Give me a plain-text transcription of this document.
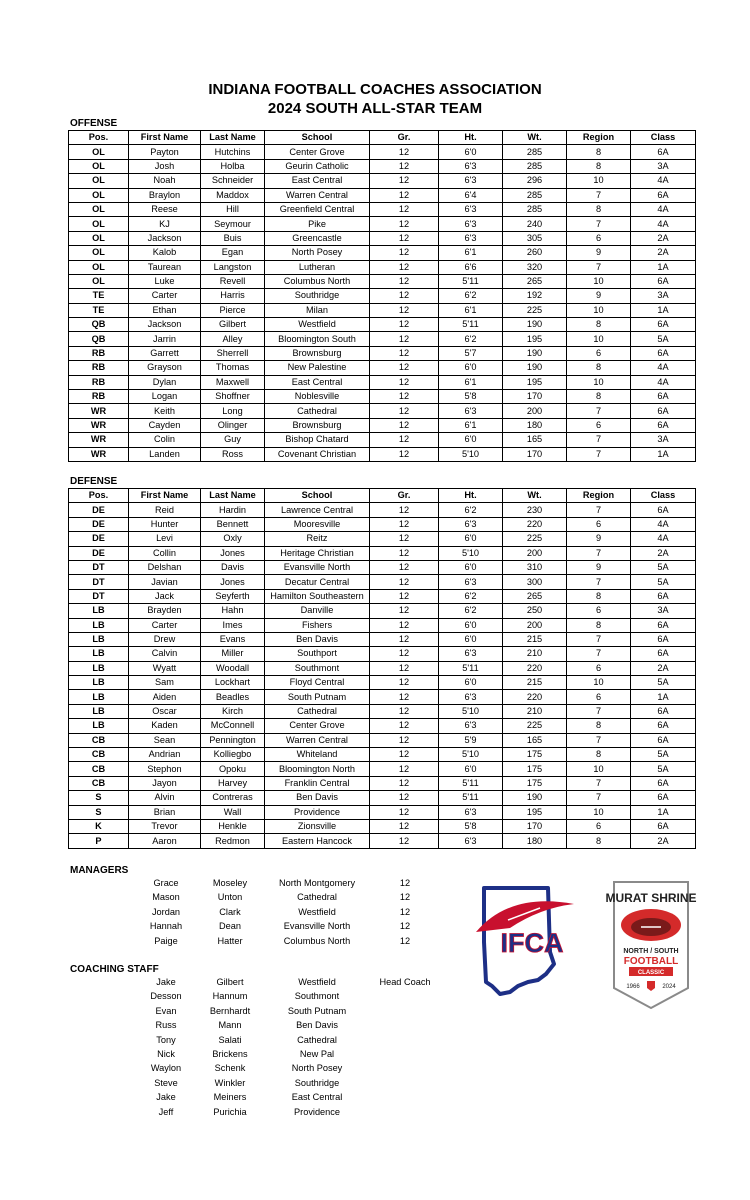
INDIANA FOOTBALL COACHES ASSOCIATION
2024 SOUTH ALL-STAR TEAM
OFFENSE
Pos.	First Name	Last Name	School	Gr.	Ht.	Wt.	Region	Class
OL	Payton	Hutchins	Center Grove	12	6'0	285	8	6A
OL	Josh	Holba	Geurin Catholic	12	6'3	285	8	3A
OL	Noah	Schneider	East Central	12	6'3	296	10	4A
OL	Braylon	Maddox	Warren Central	12	6'4	285	7	6A
OL	Reese	Hill	Greenfield Central	12	6'3	285	8	4A
OL	KJ	Seymour	Pike	12	6'3	240	7	4A
OL	Jackson	Buis	Greencastle	12	6'3	305	6	2A
OL	Kalob	Egan	North Posey	12	6'1	260	9	2A
OL	Taurean	Langston	Lutheran	12	6'6	320	7	1A
OL	Luke	Revell	Columbus North	12	5'11	265	10	6A
TE	Carter	Harris	Southridge	12	6'2	192	9	3A
TE	Ethan	Pierce	Milan	12	6'1	225	10	1A
QB	Jackson	Gilbert	Westfield	12	5'11	190	8	6A
QB	Jarrin	Alley	Bloomington South	12	6'2	195	10	5A
RB	Garrett	Sherrell	Brownsburg	12	5'7	190	6	6A
RB	Grayson	Thomas	New Palestine	12	6'0	190	8	4A
RB	Dylan	Maxwell	East Central	12	6'1	195	10	4A
RB	Logan	Shoffner	Noblesville	12	5'8	170	8	6A
WR	Keith	Long	Cathedral	12	6'3	200	7	6A
WR	Cayden	Olinger	Brownsburg	12	6'1	180	6	6A
WR	Colin	Guy	Bishop Chatard	12	6'0	165	7	3A
WR	Landen	Ross	Covenant Christian	12	5'10	170	7	1A
DEFENSE
Pos.	First Name	Last Name	School	Gr.	Ht.	Wt.	Region	Class
DE	Reid	Hardin	Lawrence Central	12	6'2	230	7	6A
DE	Hunter	Bennett	Mooresville	12	6'3	220	6	4A
DE	Levi	Oxly	Reitz	12	6'0	225	9	4A
DE	Collin	Jones	Heritage Christian	12	5'10	200	7	2A
DT	Delshan	Davis	Evansville North	12	6'0	310	9	5A
DT	Javian	Jones	Decatur Central	12	6'3	300	7	5A
DT	Jack	Seyferth	Hamilton Southeastern	12	6'2	265	8	6A
LB	Brayden	Hahn	Danville	12	6'2	250	6	3A
LB	Carter	Imes	Fishers	12	6'0	200	8	6A
LB	Drew	Evans	Ben Davis	12	6'0	215	7	6A
LB	Calvin	Miller	Southport	12	6'3	210	7	6A
LB	Wyatt	Woodall	Southmont	12	5'11	220	6	2A
LB	Sam	Lockhart	Floyd Central	12	6'0	215	10	5A
LB	Aiden	Beadles	South Putnam	12	6'3	220	6	1A
LB	Oscar	Kirch	Cathedral	12	5'10	210	7	6A
LB	Kaden	McConnell	Center Grove	12	6'3	225	8	6A
CB	Sean	Pennington	Warren Central	12	5'9	165	7	6A
CB	Andrian	Kolliegbo	Whiteland	12	5'10	175	8	5A
CB	Stephon	Opoku	Bloomington North	12	6'0	175	10	5A
CB	Jayon	Harvey	Franklin Central	12	5'11	175	7	6A
S	Alvin	Contreras	Ben Davis	12	5'11	190	7	6A
S	Brian	Wall	Providence	12	6'3	195	10	1A
K	Trevor	Henkle	Zionsville	12	5'8	170	6	6A
P	Aaron	Redmon	Eastern Hancock	12	6'3	180	8	2A
MANAGERS
Grace	Moseley	North Montgomery	12
Mason	Unton	Cathedral	12
Jordan	Clark	Westfield	12
Hannah	Dean	Evansville North	12
Paige	Hatter	Columbus North	12
COACHING STAFF
Jake	Gilbert	Westfield	Head Coach
Desson	Hannum	Southmont
Evan	Bernhardt	South Putnam
Russ	Mann	Ben Davis
Tony	Salati	Cathedral
Nick	Brickens	New Pal
Waylon	Schenk	North Posey
Steve	Winkler	Southridge
Jake	Meiners	East Central
Jeff	Purichia	Providence
IFCA
MURAT SHRINE
NORTH / SOUTH
FOOTBALL
CLASSIC
1966	2024
